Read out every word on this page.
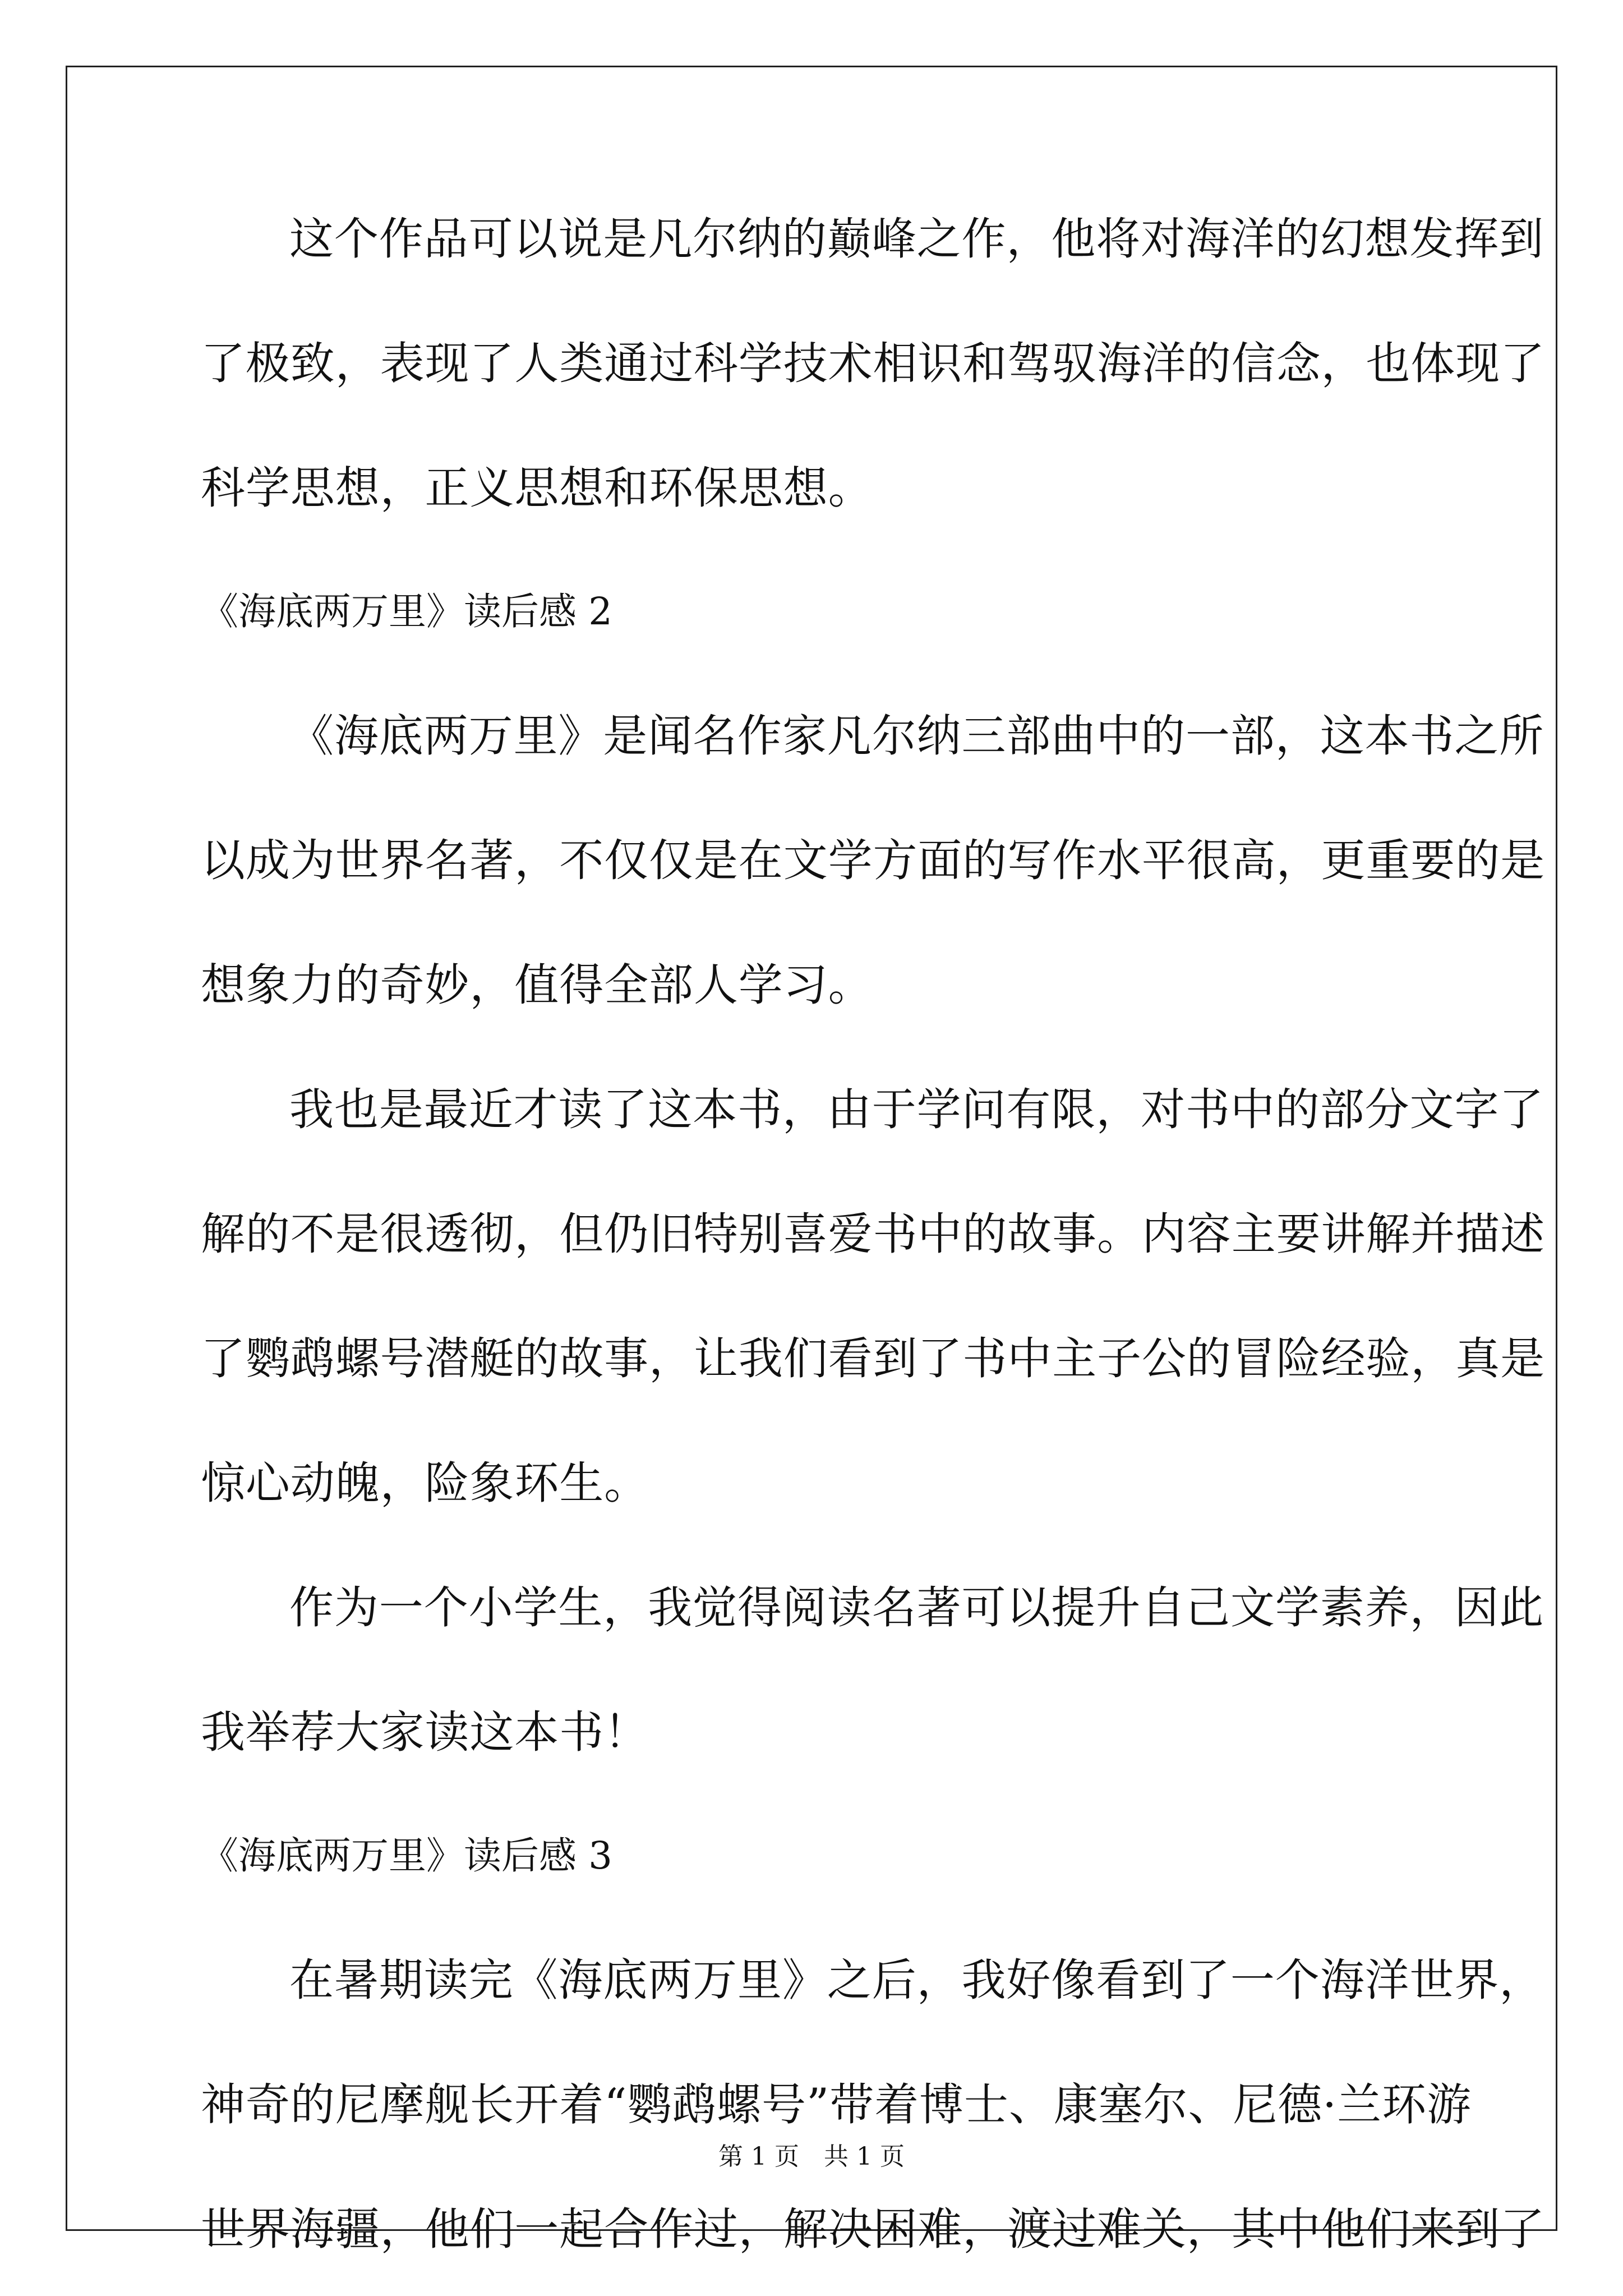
这个作品可以说是凡尔纳的巅峰之作，他将对海洋的幻想发挥到
了极致，表现了人类通过科学技术相识和驾驭海洋的信念，也体现了
科学思想，正义思想和环保思想。
《海底两万里》读后感 2
《海底两万里》是闻名作家凡尔纳三部曲中的一部，这本书之所
以成为世界名著，不仅仅是在文学方面的写作水平很高，更重要的是
想象力的奇妙，值得全部人学习。
我也是最近才读了这本书，由于学问有限，对书中的部分文字了
解的不是很透彻，但仍旧特别喜爱书中的故事。内容主要讲解并描述
了鹦鹉螺号潜艇的故事，让我们看到了书中主子公的冒险经验，真是
惊心动魄，险象环生。
作为一个小学生，我觉得阅读名著可以提升自己文学素养，因此
我举荐大家读这本书！
《海底两万里》读后感 3
在暑期读完《海底两万里》之后，我好像看到了一个海洋世界，
神奇的尼摩舰长开着“鹦鹉螺号”带着博士、康塞尔、尼德·兰环游
世界海疆，他们一起合作过，解决困难，渡过难关，其中他们来到了
第 1 页　共 1 页
